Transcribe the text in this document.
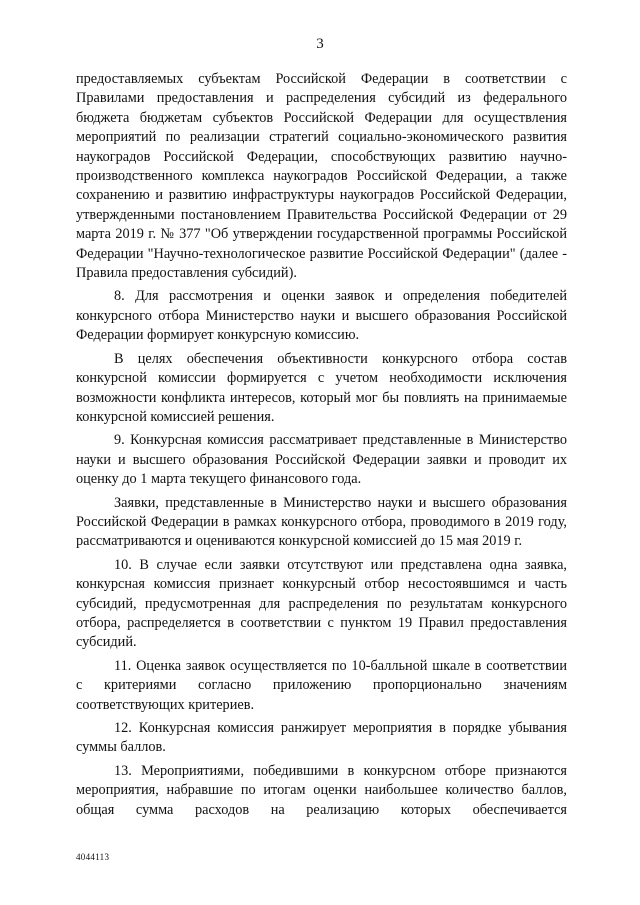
3

предоставляемых субъектам Российской Федерации в соответствии с Правилами предоставления и распределения субсидий из федерального бюджета бюджетам субъектов Российской Федерации для осуществления мероприятий по реализации стратегий социально-экономического развития наукоградов Российской Федерации, способствующих развитию научно-производственного комплекса наукоградов Российской Федерации, а также сохранению и развитию инфраструктуры наукоградов Российской Федерации, утвержденными постановлением Правительства Российской Федерации от 29 марта 2019 г. № 377 "Об утверждении государственной программы Российской Федерации "Научно-технологическое развитие Российской Федерации" (далее - Правила предоставления субсидий).

8. Для рассмотрения и оценки заявок и определения победителей конкурсного отбора Министерство науки и высшего образования Российской Федерации формирует конкурсную комиссию.

В целях обеспечения объективности конкурсного отбора состав конкурсной комиссии формируется с учетом необходимости исключения возможности конфликта интересов, который мог бы повлиять на принимаемые конкурсной комиссией решения.

9. Конкурсная комиссия рассматривает представленные в Министерство науки и высшего образования Российской Федерации заявки и проводит их оценку до 1 марта текущего финансового года.

Заявки, представленные в Министерство науки и высшего образования Российской Федерации в рамках конкурсного отбора, проводимого в 2019 году, рассматриваются и оцениваются конкурсной комиссией до 15 мая 2019 г.

10. В случае если заявки отсутствуют или представлена одна заявка, конкурсная комиссия признает конкурсный отбор несостоявшимся и часть субсидий, предусмотренная для распределения по результатам конкурсного отбора, распределяется в соответствии с пунктом 19 Правил предоставления субсидий.

11. Оценка заявок осуществляется по 10-балльной шкале в соответствии с критериями согласно приложению пропорционально значениям соответствующих критериев.

12. Конкурсная комиссия ранжирует мероприятия в порядке убывания суммы баллов.

13. Мероприятиями, победившими в конкурсном отборе признаются мероприятия, набравшие по итогам оценки наибольшее количество баллов, общая сумма расходов на реализацию которых обеспечивается

4044113
